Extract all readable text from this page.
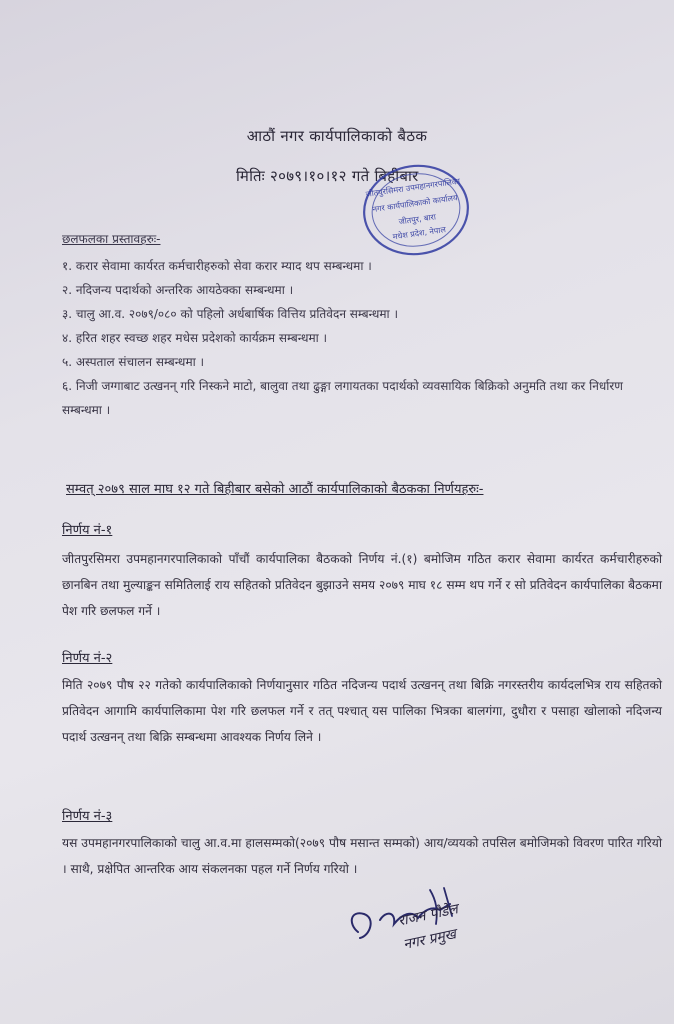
आठौं नगर कार्यपालिकाको बैठक
मितिः २०७९।१०।१२ गते बिहीबार
जीतपुरसिमरा उपमहानगरपालिका
नगर कार्यपालिकाको कार्यालय
जीतपुर, बारा
मधेश प्रदेश, नेपाल
छलफलका प्रस्तावहरुः-
१. करार सेवामा कार्यरत कर्मचारीहरुको सेवा करार म्याद थप सम्बन्धमा ।
२. नदिजन्य पदार्थको अन्तरिक आयठेक्का सम्बन्धमा ।
३. चालु आ.व. २०७९/०८० को पहिलो अर्धबार्षिक वित्तिय प्रतिवेदन सम्बन्धमा ।
४. हरित शहर स्वच्छ शहर मधेस प्रदेशको कार्यक्रम सम्बन्धमा ।
५. अस्पताल संचालन सम्बन्धमा ।
६. निजी जग्गाबाट उत्खनन् गरि निस्कने माटो, बालुवा तथा ढुङ्गा लगायतका पदार्थको व्यवसायिक बिक्रिको अनुमति तथा कर निर्धारण सम्बन्धमा ।
सम्वत् २०७९ साल माघ १२ गते बिहीबार बसेको आठौं कार्यपालिकाको बैठकका निर्णयहरुः-
निर्णय नं-१
जीतपुरसिमरा उपमहानगरपालिकाको पाँचौं कार्यपालिका बैठकको निर्णय नं.(१) बमोजिम गठित करार सेवामा कार्यरत कर्मचारीहरुको छानबिन तथा मुल्याङ्कन समितिलाई राय सहितको प्रतिवेदन बुझाउने समय २०७९ माघ १८ सम्म थप गर्ने र सो प्रतिवेदन कार्यपालिका बैठकमा पेश गरि छलफल गर्ने ।
निर्णय नं-२
मिति २०७९ पौष २२ गतेको कार्यपालिकाको निर्णयानुसार गठित नदिजन्य पदार्थ उत्खनन् तथा बिक्रि नगरस्तरीय कार्यदलभित्र राय सहितको प्रतिवेदन आगामि कार्यपालिकामा पेश गरि छलफल गर्ने र तत् पश्चात् यस पालिका भित्रका बालगंगा, दुधौरा र पसाहा खोलाको नदिजन्य पदार्थ उत्खनन् तथा बिक्रि सम्बन्धमा आवश्यक निर्णय लिने ।
निर्णय नं-३
यस उपमहानगरपालिकाको चालु आ.व.मा हालसम्मको(२०७९ पौष मसान्त सम्मको) आय/व्ययको तपसिल बमोजिमको विवरण पारित गरियो । साथै, प्रक्षेपित आन्तरिक आय संकलनका पहल गर्ने निर्णय गरियो ।
राजन पौडेल
नगर प्रमुख
